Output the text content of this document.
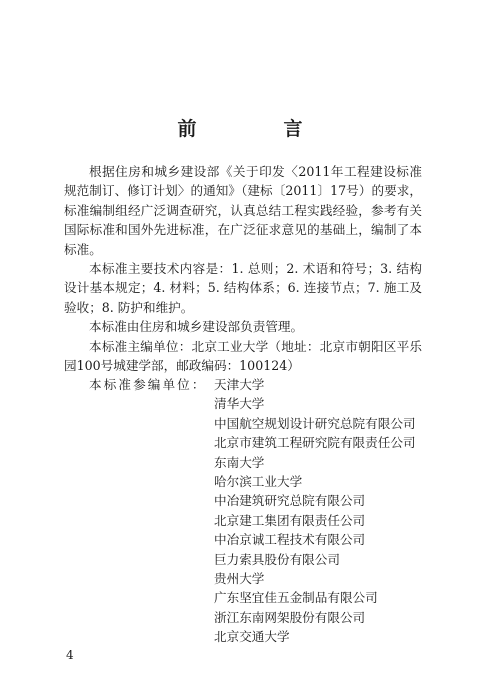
前　言

根据住房和城乡建设部《关于印发〈2011年工程建设标准规范制订、修订计划〉的通知》（建标〔2011〕17号）的要求，标准编制组经广泛调查研究，认真总结工程实践经验，参考有关国际标准和国外先进标准，在广泛征求意见的基础上，编制了本标准。

本标准主要技术内容是：1. 总则；2. 术语和符号；3. 结构设计基本规定；4. 材料；5. 结构体系；6. 连接节点；7. 施工及验收；8. 防护和维护。

本标准由住房和城乡建设部负责管理。

本标准主编单位：北京工业大学（地址：北京市朝阳区平乐园100号城建学部，邮政编码：100124）

本标准参编单位： 天津大学
清华大学
中国航空规划设计研究总院有限公司
北京市建筑工程研究院有限责任公司
东南大学
哈尔滨工业大学
中冶建筑研究总院有限公司
北京建工集团有限责任公司
中冶京诚工程技术有限公司
巨力索具股份有限公司
贵州大学
广东坚宜佳五金制品有限公司
浙江东南网架股份有限公司
北京交通大学
4
